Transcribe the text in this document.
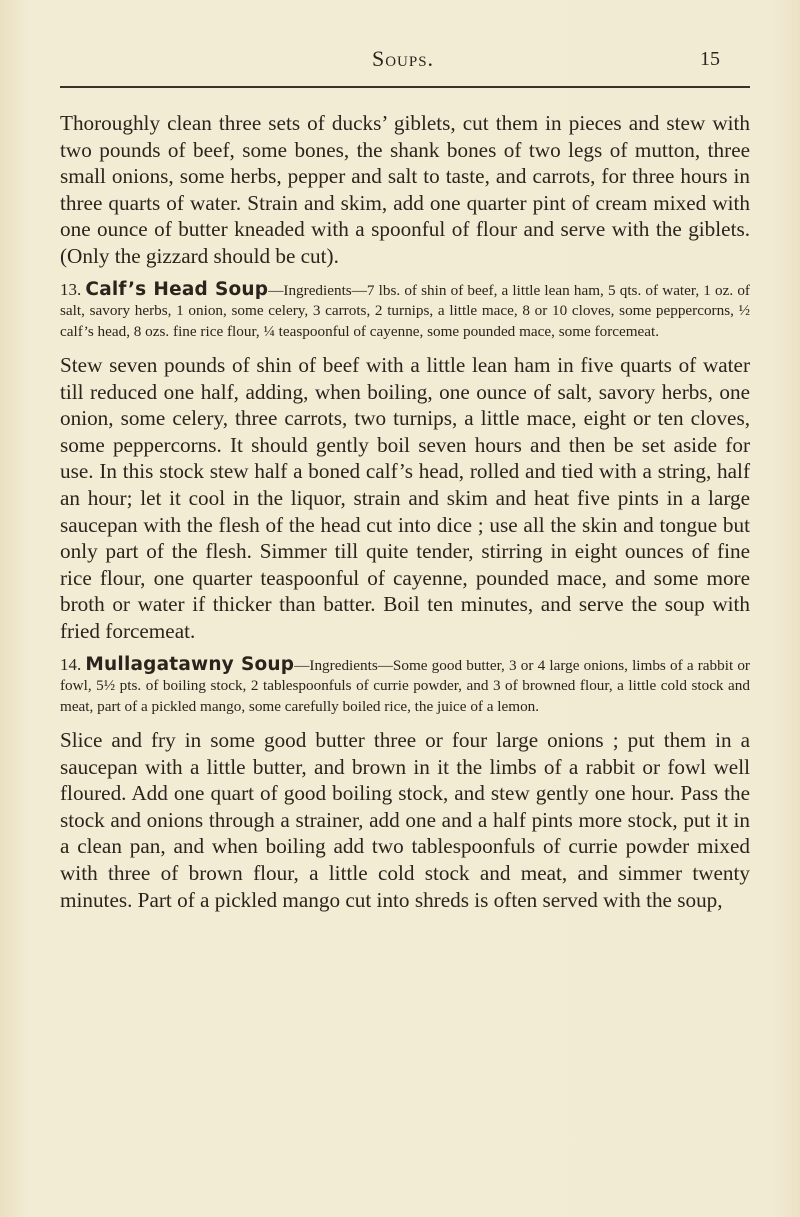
Soups.	15

Thoroughly clean three sets of ducks’ giblets, cut them in pieces and stew with two pounds of beef, some bones, the shank bones of two legs of mutton, three small onions, some herbs, pepper and salt to taste, and carrots, for three hours in three quarts of water. Strain and skim, add one quarter pint of cream mixed with one ounce of butter kneaded with a spoonful of flour and serve with the giblets. (Only the gizzard should be cut).

13. Calf’s Head Soup—Ingredients—7 lbs. of shin of beef, a little lean ham, 5 qts. of water, 1 oz. of salt, savory herbs, 1 onion, some celery, 3 carrots, 2 turnips, a little mace, 8 or 10 cloves, some peppercorns, ½ calf’s head, 8 ozs. fine rice flour, ¼ teaspoonful of cayenne, some pounded mace, some forcemeat.

Stew seven pounds of shin of beef with a little lean ham in five quarts of water till reduced one half, adding, when boiling, one ounce of salt, savory herbs, one onion, some celery, three carrots, two turnips, a little mace, eight or ten cloves, some peppercorns. It should gently boil seven hours and then be set aside for use. In this stock stew half a boned calf’s head, rolled and tied with a string, half an hour; let it cool in the liquor, strain and skim and heat five pints in a large saucepan with the flesh of the head cut into dice ; use all the skin and tongue but only part of the flesh. Simmer till quite tender, stirring in eight ounces of fine rice flour, one quarter teaspoonful of cayenne, pounded mace, and some more broth or water if thicker than batter. Boil ten minutes, and serve the soup with fried forcemeat.

14. Mullagatawny Soup—Ingredients—Some good butter, 3 or 4 large onions, limbs of a rabbit or fowl, 5½ pts. of boiling stock, 2 tablespoonfuls of currie powder, and 3 of browned flour, a little cold stock and meat, part of a pickled mango, some carefully boiled rice, the juice of a lemon.

Slice and fry in some good butter three or four large onions ; put them in a saucepan with a little butter, and brown in it the limbs of a rabbit or fowl well floured. Add one quart of good boiling stock, and stew gently one hour. Pass the stock and onions through a strainer, add one and a half pints more stock, put it in a clean pan, and when boiling add two tablespoonfuls of currie powder mixed with three of brown flour, a little cold stock and meat, and simmer twenty minutes. Part of a pickled mango cut into shreds is often served with the soup,
